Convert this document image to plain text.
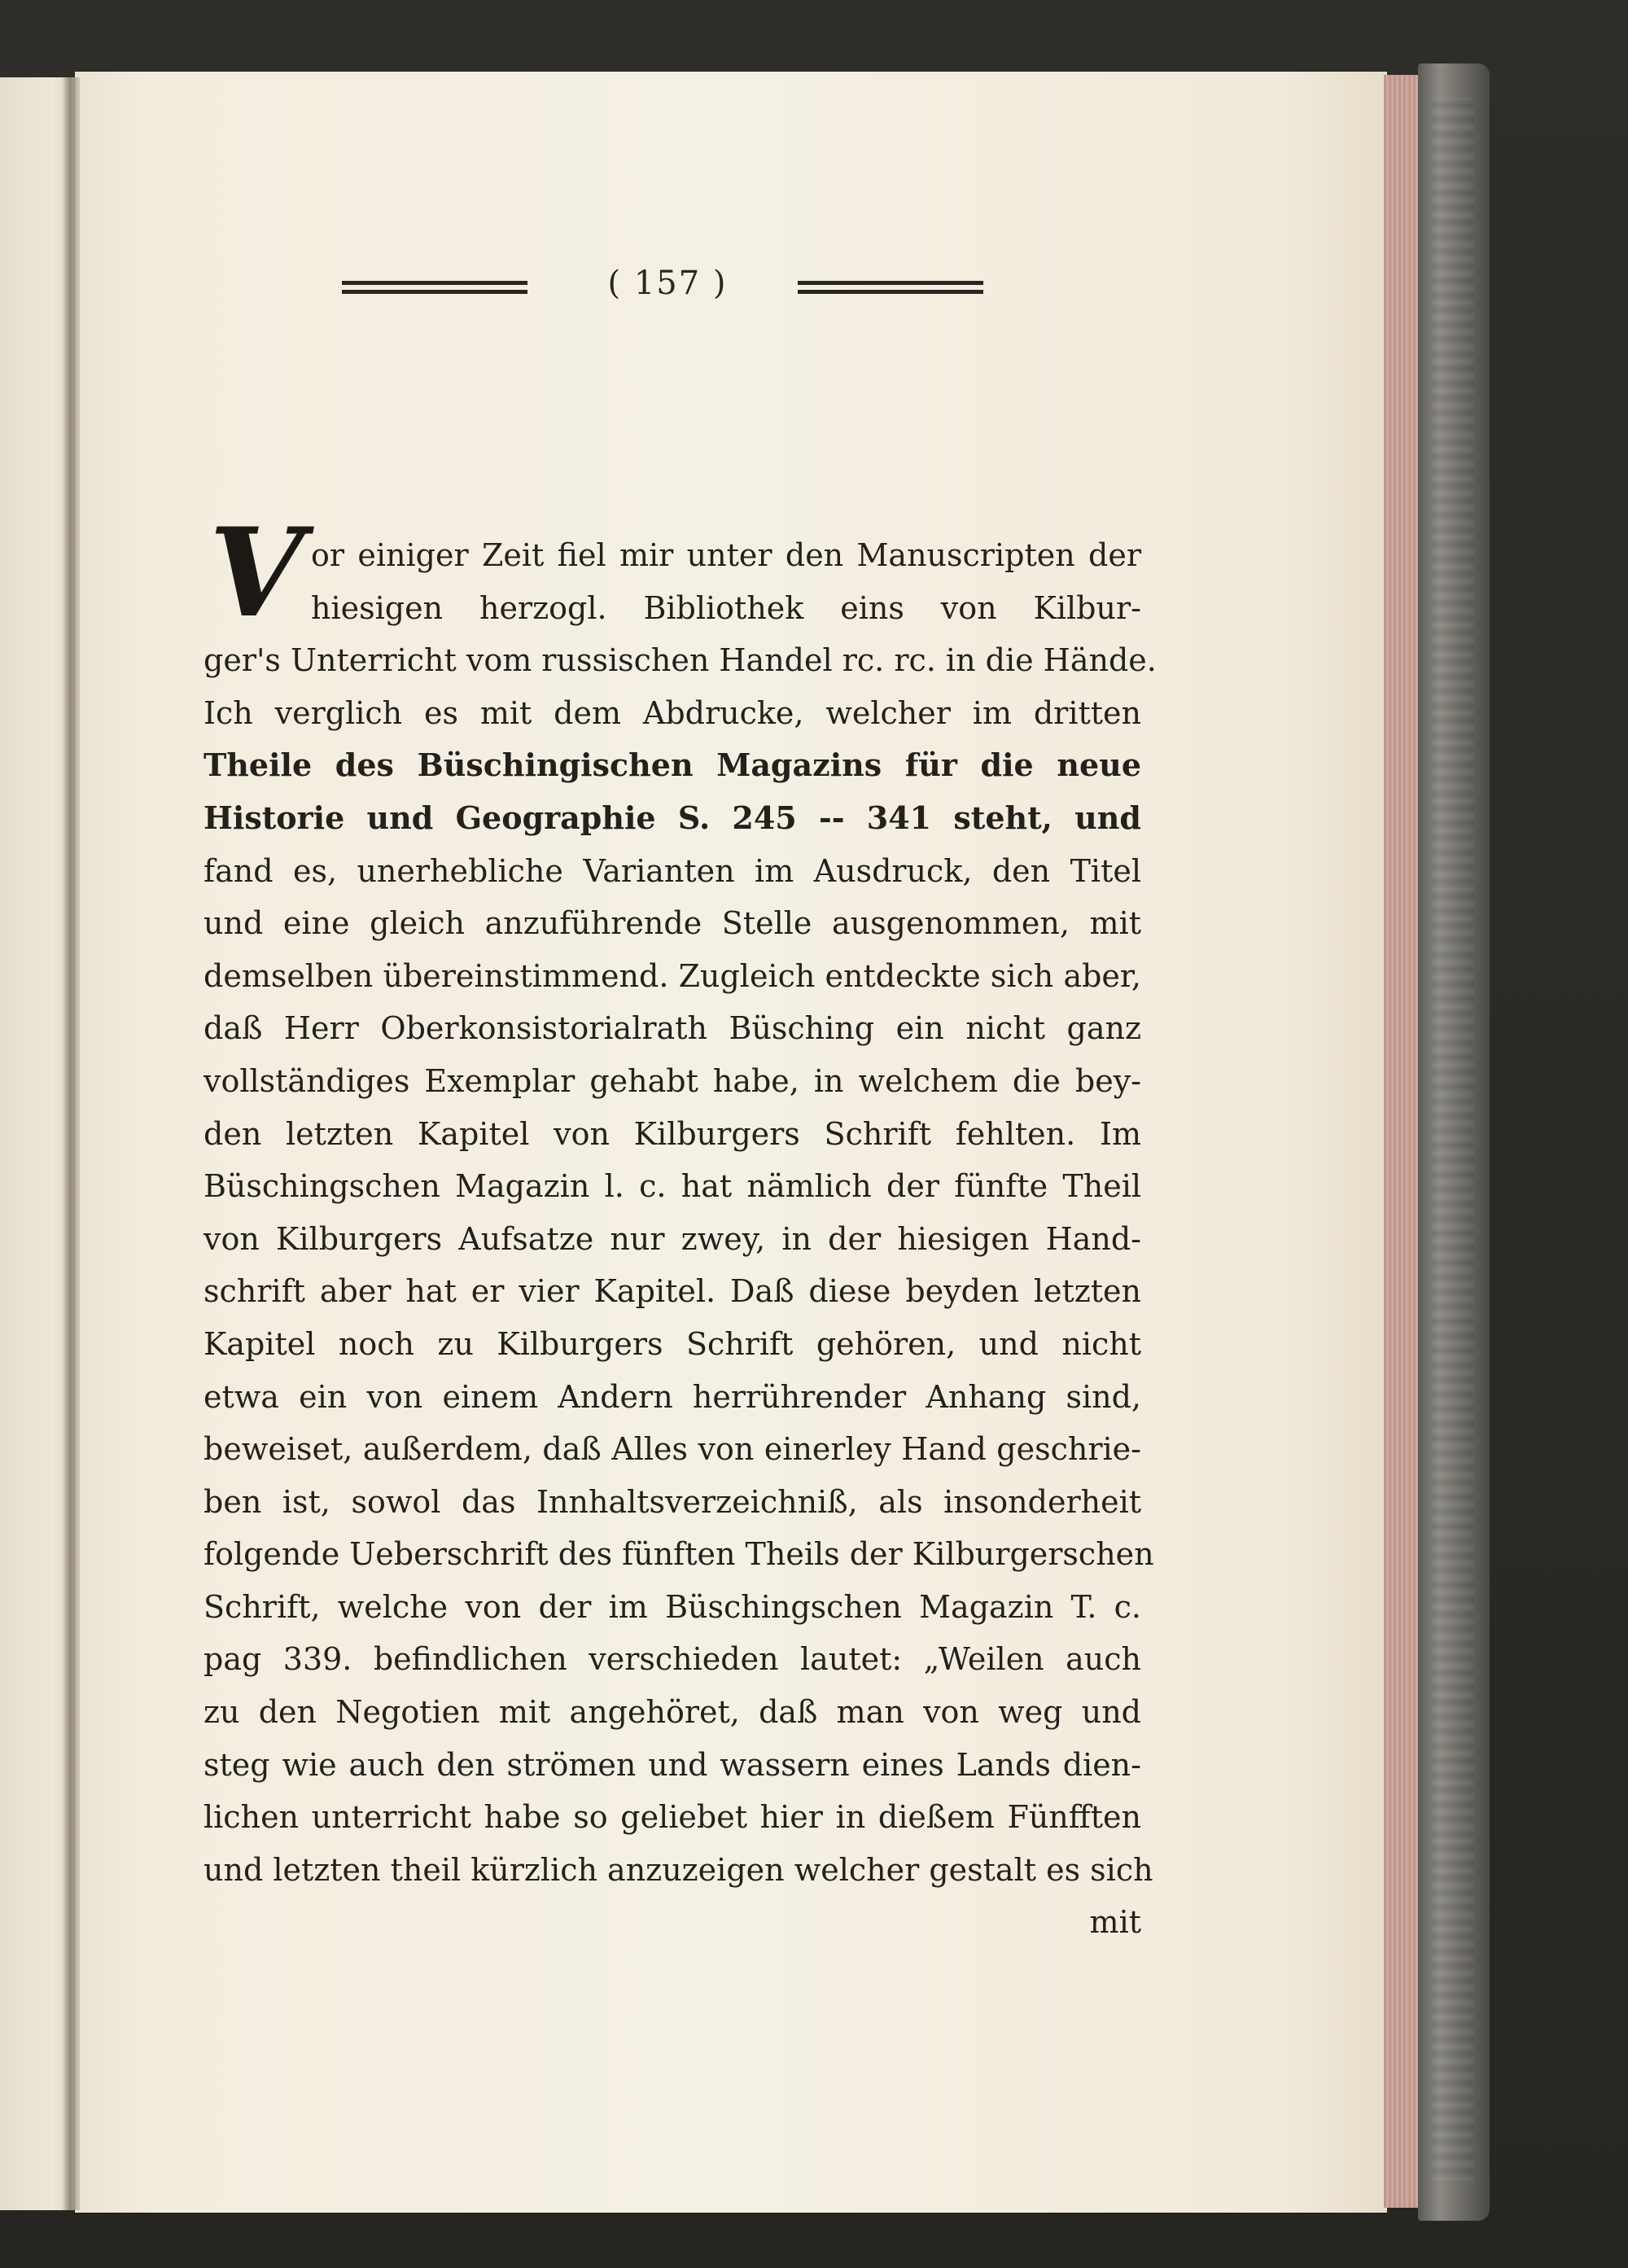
( 157 )
V or einiger Zeit fiel mir unter den Manuscripten der
hiesigen herzogl. Bibliothek eins von Kilbur-
ger's Unterricht vom russischen Handel rc. rc. in die Hände.
Ich verglich es mit dem Abdrucke, welcher im dritten
Theile des Büschingischen Magazins für die neue
Historie und Geographie S. 245 -- 341 steht, und
fand es, unerhebliche Varianten im Ausdruck, den Titel
und eine gleich anzuführende Stelle ausgenommen, mit
demselben übereinstimmend. Zugleich entdeckte sich aber,
daß Herr Oberkonsistorialrath Büsching ein nicht ganz
vollständiges Exemplar gehabt habe, in welchem die bey-
den letzten Kapitel von Kilburgers Schrift fehlten. Im
Büschingschen Magazin l. c. hat nämlich der fünfte Theil
von Kilburgers Aufsatze nur zwey, in der hiesigen Hand-
schrift aber hat er vier Kapitel. Daß diese beyden letzten
Kapitel noch zu Kilburgers Schrift gehören, und nicht
etwa ein von einem Andern herrührender Anhang sind,
beweiset, außerdem, daß Alles von einerley Hand geschrie-
ben ist, sowol das Innhaltsverzeichniß, als insonderheit
folgende Ueberschrift des fünften Theils der Kilburgerschen
Schrift, welche von der im Büschingschen Magazin T. c.
pag 339. befindlichen verschieden lautet: „Weilen auch
zu den Negotien mit angehöret, daß man von weg und
steg wie auch den strömen und wassern eines Lands dien-
lichen unterricht habe so geliebet hier in dießem Fünfften
und letzten theil kürzlich anzuzeigen welcher gestalt es sich
mit
